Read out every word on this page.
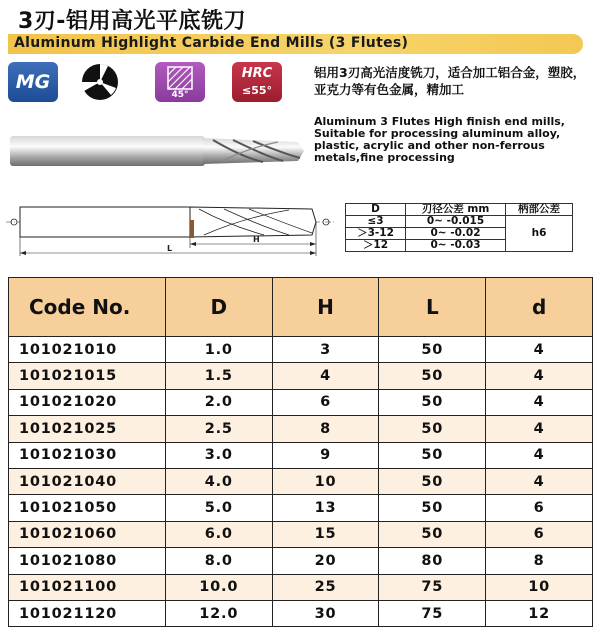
3刃-铝用高光平底铣刀
Aluminum Highlight Carbide End Mills (3 Flutes)
MG
45°
HRC
≤55°
铝用3刃高光洁度铣刀，适合加工铝合金，塑胶，亚克力等有色金属，精加工
Aluminum 3 Flutes High finish end mills, Suitable for processing aluminum alloy, plastic, acrylic and other non-ferrous metals,fine processing
H
L
D	刃径公差 mm	柄部公差
≤3	0~ -0.015	h6
＞3-12	0~ -0.02	
＞12	0~ -0.03	
Code No.	D	H	L	d
101021010	1.0	3	50	4
101021015	1.5	4	50	4
101021020	2.0	6	50	4
101021025	2.5	8	50	4
101021030	3.0	9	50	4
101021040	4.0	10	50	4
101021050	5.0	13	50	6
101021060	6.0	15	50	6
101021080	8.0	20	80	8
101021100	10.0	25	75	10
101021120	12.0	30	75	12
